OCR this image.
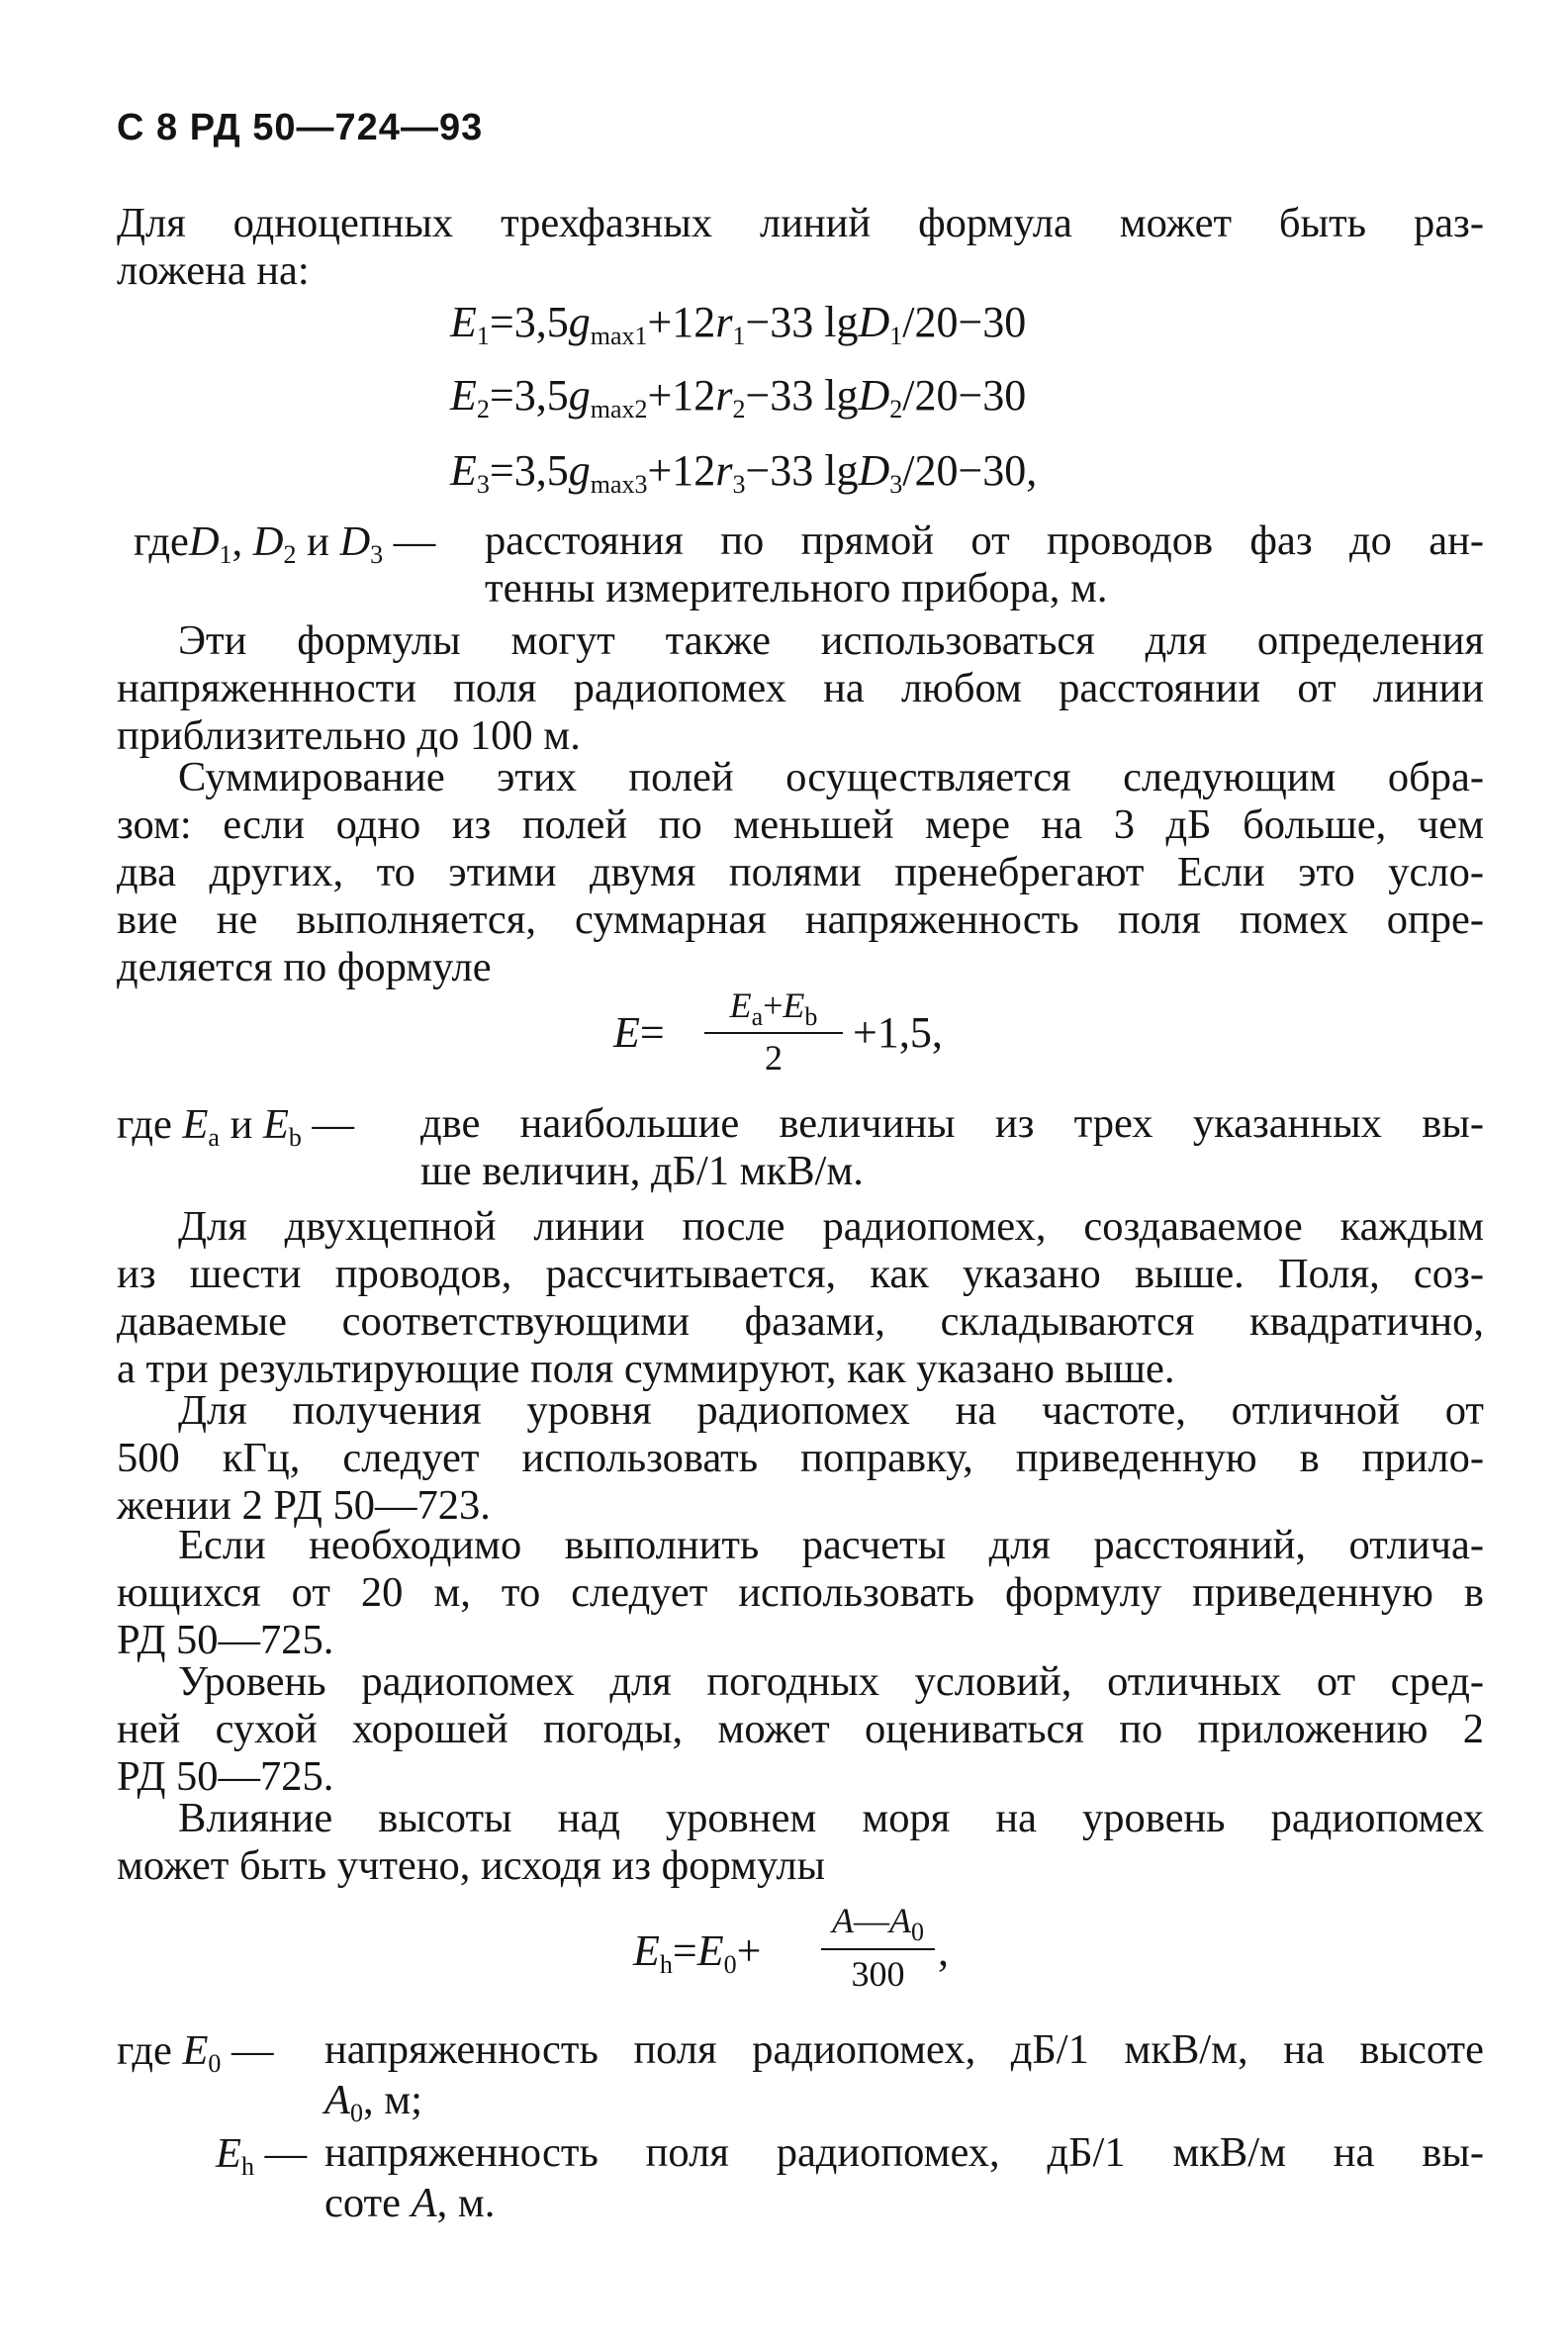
С 8 РД 50—724—93

Для одноцепных трехфазных линий формула может быть раз-

ложена на:

$E_1=3,5g_{max1}+12r_1-33$ lgD$_1$/20−30
$E_2=3,5g_{max2}+12r_2-33$ lgD$_2$/20−30
$E_3=3,5g_{max3}+12r_3-33$ lgD$_3$/20−30,
гдеD$_1$, $D_2$ и $D_3$ — расстояния по прямой от проводов фаз до ан-

тенны измерительного прибора, м.

Эти формулы могут также использоваться для определения

напряженнности поля радиопомех на любом расстоянии от линии

приблизительно до 100 м.

Суммирование этих полей осуществляется следующим обра-

зом: если одно из полей по меньшей мере на 3 дБ больше, чем

два других, то этими двумя полями пренебрегают Если это усло-

вие не выполняется, суммарная напряженность поля помех опре-

деляется по формуле

E=
$E_a+E_b$
2
+1,5,
где $E_a$ и $E_b$ — две наибольшие величины из трех указанных вы-

ше величин, дБ/1 мкВ/м.

Для двухцепной линии после радиопомех, создаваемое каждым

из шести проводов, рассчитывается, как указано выше. Поля, соз-

даваемые соответствующими фазами, складываются квадратично,

а три результирующие поля суммируют, как указано выше.

Для получения уровня радиопомех на частоте, отличной от

500 кГц, следует использовать поправку, приведенную в прило-

жении 2 РД 50—723.

Если необходимо выполнить расчеты для расстояний, отлича-

ющихся от 20 м, то следует использовать формулу приведенную в

РД 50—725.

Уровень радиопомех для погодных условий, отличных от сред-

ней сухой хорошей погоды, может оцениваться по приложению 2

РД 50—725.

Влияние высоты над уровнем моря на уровень радиопомех

может быть учтено, исходя из формулы

$E_h=E_0+$
$A—A_0$
300 ,
где $E_0$ — напряженность поля радиопомех, дБ/1 мкВ/м, на высоте

$A_0$, м;
$E_h$ — напряженность поля радиопомех, дБ/1 мкВ/м на вы-

соте A, м.
